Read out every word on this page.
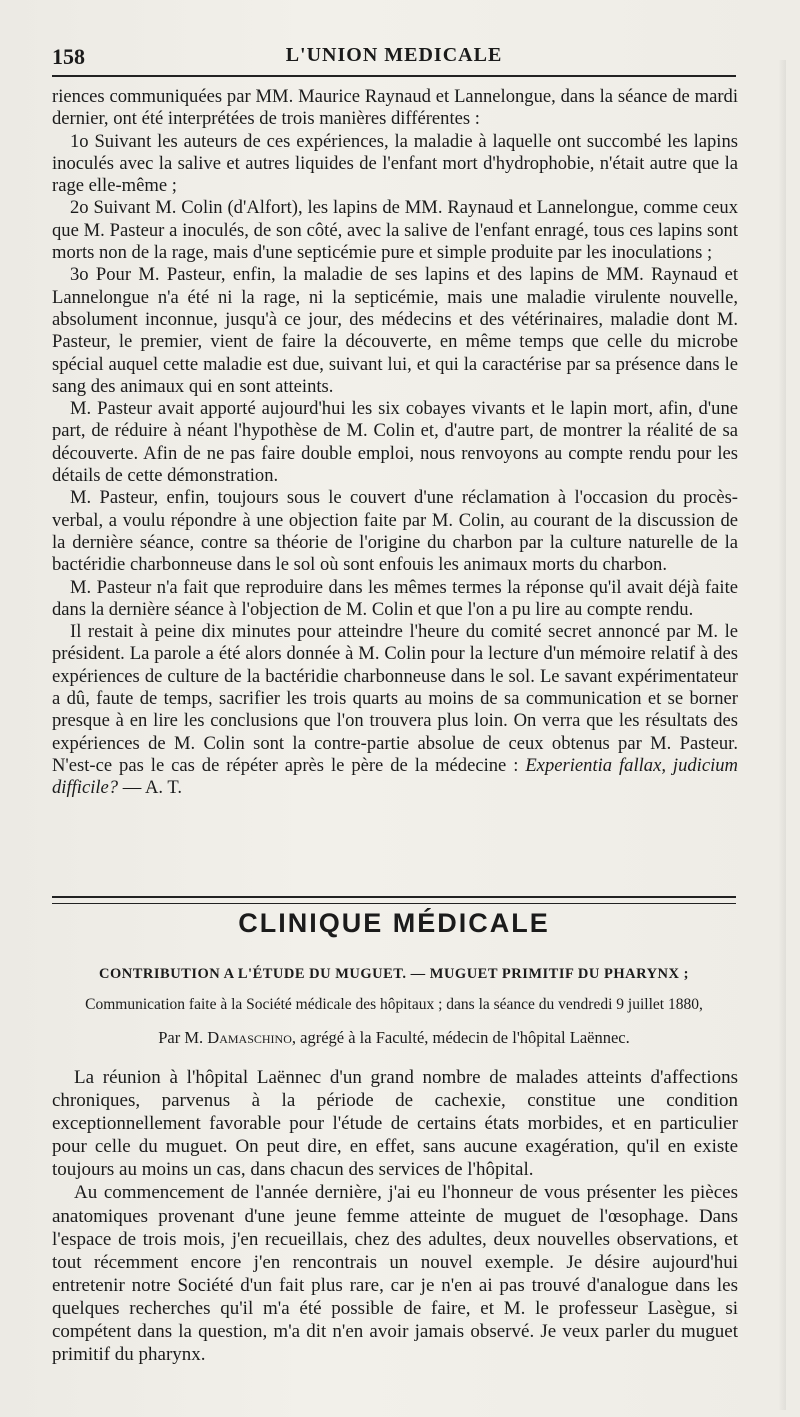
158	L'UNION MEDICALE

riences communiquées par MM. Maurice Raynaud et Lannelongue, dans la séance de mardi dernier, ont été interprétées de trois manières différentes :

1o Suivant les auteurs de ces expériences, la maladie à laquelle ont succombé les lapins inoculés avec la salive et autres liquides de l'enfant mort d'hydrophobie, n'était autre que la rage elle-même ;

2o Suivant M. Colin (d'Alfort), les lapins de MM. Raynaud et Lannelongue, comme ceux que M. Pasteur a inoculés, de son côté, avec la salive de l'enfant enragé, tous ces lapins sont morts non de la rage, mais d'une septicémie pure et simple produite par les inoculations ;

3o Pour M. Pasteur, enfin, la maladie de ses lapins et des lapins de MM. Raynaud et Lannelongue n'a été ni la rage, ni la septicémie, mais une maladie virulente nouvelle, absolument inconnue, jusqu'à ce jour, des médecins et des vétérinaires, maladie dont M. Pasteur, le premier, vient de faire la découverte, en même temps que celle du microbe spécial auquel cette maladie est due, suivant lui, et qui la caractérise par sa présence dans le sang des animaux qui en sont atteints.

M. Pasteur avait apporté aujourd'hui les six cobayes vivants et le lapin mort, afin, d'une part, de réduire à néant l'hypothèse de M. Colin et, d'autre part, de montrer la réalité de sa découverte. Afin de ne pas faire double emploi, nous renvoyons au compte rendu pour les détails de cette démonstration.

M. Pasteur, enfin, toujours sous le couvert d'une réclamation à l'occasion du procès-verbal, a voulu répondre à une objection faite par M. Colin, au courant de la discussion de la dernière séance, contre sa théorie de l'origine du charbon par la culture naturelle de la bactéridie charbonneuse dans le sol où sont enfouis les animaux morts du charbon.

M. Pasteur n'a fait que reproduire dans les mêmes termes la réponse qu'il avait déjà faite dans la dernière séance à l'objection de M. Colin et que l'on a pu lire au compte rendu.

Il restait à peine dix minutes pour atteindre l'heure du comité secret annoncé par M. le président. La parole a été alors donnée à M. Colin pour la lecture d'un mémoire relatif à des expériences de culture de la bactéridie charbonneuse dans le sol. Le savant expérimentateur a dû, faute de temps, sacrifier les trois quarts au moins de sa communication et se borner presque à en lire les conclusions que l'on trouvera plus loin. On verra que les résultats des expériences de M. Colin sont la contre-partie absolue de ceux obtenus par M. Pasteur. N'est-ce pas le cas de répéter après le père de la médecine : Experientia fallax, judicium difficile? — A. T.

CLINIQUE MÉDICALE
CONTRIBUTION A L'ÉTUDE DU MUGUET. — MUGUET PRIMITIF DU PHARYNX ;
Communication faite à la Société médicale des hôpitaux ; dans la séance du vendredi 9 juillet 1880,
Par M. Damaschino, agrégé à la Faculté, médecin de l'hôpital Laënnec.

La réunion à l'hôpital Laënnec d'un grand nombre de malades atteints d'affections chroniques, parvenus à la période de cachexie, constitue une condition exceptionnellement favorable pour l'étude de certains états morbides, et en particulier pour celle du muguet. On peut dire, en effet, sans aucune exagération, qu'il en existe toujours au moins un cas, dans chacun des services de l'hôpital.

Au commencement de l'année dernière, j'ai eu l'honneur de vous présenter les pièces anatomiques provenant d'une jeune femme atteinte de muguet de l'œsophage. Dans l'espace de trois mois, j'en recueillais, chez des adultes, deux nouvelles observations, et tout récemment encore j'en rencontrais un nouvel exemple. Je désire aujourd'hui entretenir notre Société d'un fait plus rare, car je n'en ai pas trouvé d'analogue dans les quelques recherches qu'il m'a été possible de faire, et M. le professeur Lasègue, si compétent dans la question, m'a dit n'en avoir jamais observé. Je veux parler du muguet primitif du pharynx.
